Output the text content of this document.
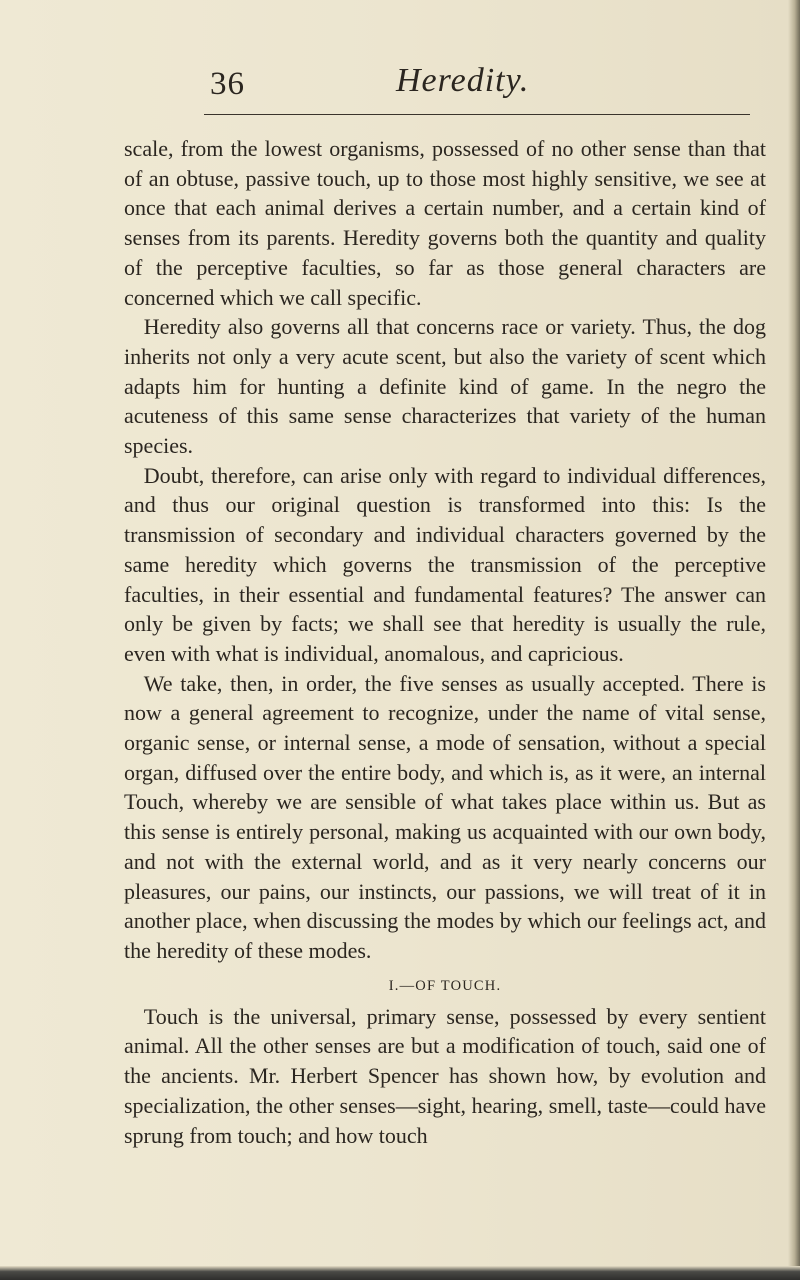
36	Heredity.

scale, from the lowest organisms, possessed of no other sense than that of an obtuse, passive touch, up to those most highly sensitive, we see at once that each animal derives a certain number, and a certain kind of senses from its parents. Heredity governs both the quantity and quality of the perceptive faculties, so far as those general characters are concerned which we call specific.

Heredity also governs all that concerns race or variety. Thus, the dog inherits not only a very acute scent, but also the variety of scent which adapts him for hunting a definite kind of game. In the negro the acuteness of this same sense characterizes that variety of the human species.

Doubt, therefore, can arise only with regard to individual differences, and thus our original question is transformed into this: Is the transmission of secondary and individual characters governed by the same heredity which governs the transmission of the perceptive faculties, in their essential and fundamental features? The answer can only be given by facts; we shall see that heredity is usually the rule, even with what is individual, anomalous, and capricious.

We take, then, in order, the five senses as usually accepted. There is now a general agreement to recognize, under the name of vital sense, organic sense, or internal sense, a mode of sensation, without a special organ, diffused over the entire body, and which is, as it were, an internal Touch, whereby we are sensible of what takes place within us. But as this sense is entirely personal, making us acquainted with our own body, and not with the external world, and as it very nearly concerns our pleasures, our pains, our instincts, our passions, we will treat of it in another place, when discussing the modes by which our feelings act, and the heredity of these modes.

I.—OF TOUCH.

Touch is the universal, primary sense, possessed by every sentient animal. All the other senses are but a modification of touch, said one of the ancients. Mr. Herbert Spencer has shown how, by evolution and specialization, the other senses—sight, hearing, smell, taste—could have sprung from touch; and how touch
